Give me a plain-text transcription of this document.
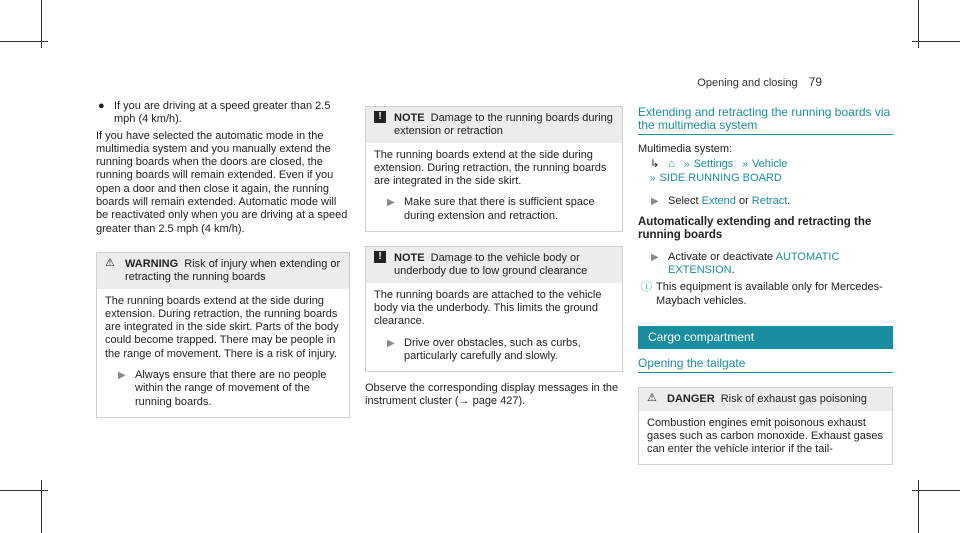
Opening and closing 79
● If you are driving at a speed greater than 2.5 mph (4 km/h).

If you have selected the automatic mode in the multimedia system and you manually extend the running boards when the doors are closed, the running boards will remain extended. Even if you open a door and then close it again, the running boards will remain extended. Automatic mode will be reactivated only when you are driving at a speed greater than 2.5 mph (4 km/h).

⚠ WARNING Risk of injury when extending or retracting the running boards

The running boards extend at the side during extension. During retraction, the running boards are integrated in the side skirt. Parts of the body could become trapped. There may be people in the range of movement. There is a risk of injury.

▶ Always ensure that there are no people within the range of movement of the running boards.
!	NOTE Damage to the running boards during extension or retraction

The running boards extend at the side during extension. During retraction, the running boards are integrated in the side skirt.

▶ Make sure that there is sufficient space during extension and retraction.
!	NOTE Damage to the vehicle body or underbody due to low ground clearance

The running boards are attached to the vehicle body via the underbody. This limits the ground clearance.

▶ Drive over obstacles, such as curbs, particularly carefully and slowly.

Observe the corresponding display messages in the instrument cluster (→ page 427).

Extending and retracting the running boards via the multimedia system

Multimedia system:

↳ ⌂ » Settings » Vehicle
» SIDE RUNNING BOARD
▶ Select Extend or Retract.
Automatically extending and retracting the running boards
▶ Activate or deactivate AUTOMATIC EXTENSION.
ⓘ This equipment is available only for Mercedes-Maybach vehicles.
Cargo compartment
Opening the tailgate
⚠ DANGER Risk of exhaust gas poisoning

Combustion engines emit poisonous exhaust gases such as carbon monoxide. Exhaust gases can enter the vehicle interior if the tail-
